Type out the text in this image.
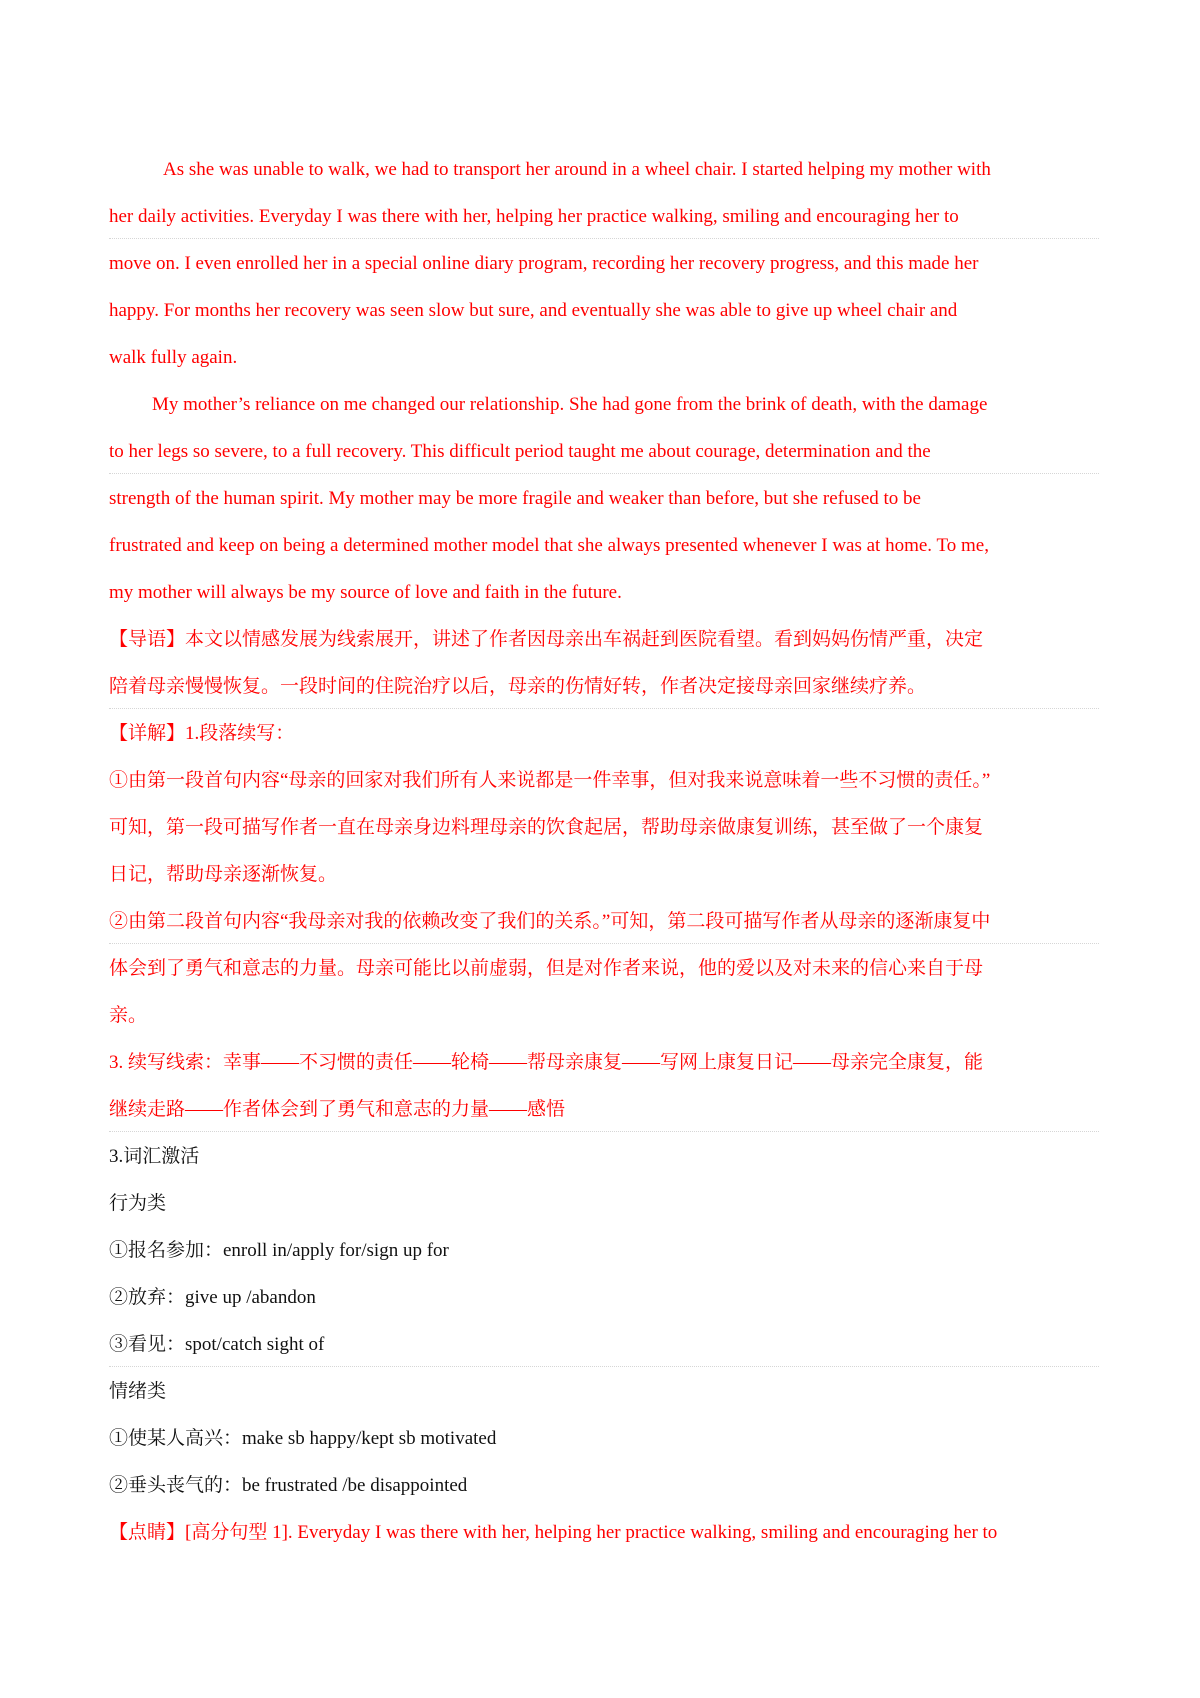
As she was unable to walk, we had to transport her around in a wheel chair. I started helping my mother with
her daily activities. Everyday I was there with her, helping her practice walking, smiling and encouraging her to
move on. I even enrolled her in a special online diary program, recording her recovery progress, and this made her
happy. For months her recovery was seen slow but sure, and eventually she was able to give up wheel chair and
walk fully again.
My mother’s reliance on me changed our relationship. She had gone from the brink of death, with the damage
to her legs so severe, to a full recovery. This difficult period taught me about courage, determination and the
strength of the human spirit. My mother may be more fragile and weaker than before, but she refused to be
frustrated and keep on being a determined mother model that she always presented whenever I was at home. To me,
my mother will always be my source of love and faith in the future.
【导语】本文以情感发展为线索展开，讲述了作者因母亲出车祸赶到医院看望。看到妈妈伤情严重，决定
陪着母亲慢慢恢复。一段时间的住院治疗以后，母亲的伤情好转，作者决定接母亲回家继续疗养。
【详解】1.段落续写：
①由第一段首句内容“母亲的回家对我们所有人来说都是一件幸事，但对我来说意味着一些不习惯的责任。”
可知，第一段可描写作者一直在母亲身边料理母亲的饮食起居，帮助母亲做康复训练，甚至做了一个康复
日记，帮助母亲逐渐恢复。
②由第二段首句内容“我母亲对我的依赖改变了我们的关系。”可知，第二段可描写作者从母亲的逐渐康复中
体会到了勇气和意志的力量。母亲可能比以前虚弱，但是对作者来说，他的爱以及对未来的信心来自于母
亲。
3. 续写线索：幸事——不习惯的责任——轮椅——帮母亲康复——写网上康复日记——母亲完全康复，能
继续走路——作者体会到了勇气和意志的力量——感悟
3.词汇激活
行为类
①报名参加：enroll in/apply for/sign up for
②放弃：give up /abandon
③看见：spot/catch sight of
情绪类
①使某人高兴：make sb happy/kept sb motivated
②垂头丧气的：be frustrated /be disappointed
【点睛】[高分句型 1]. Everyday I was there with her, helping her practice walking, smiling and encouraging her to
